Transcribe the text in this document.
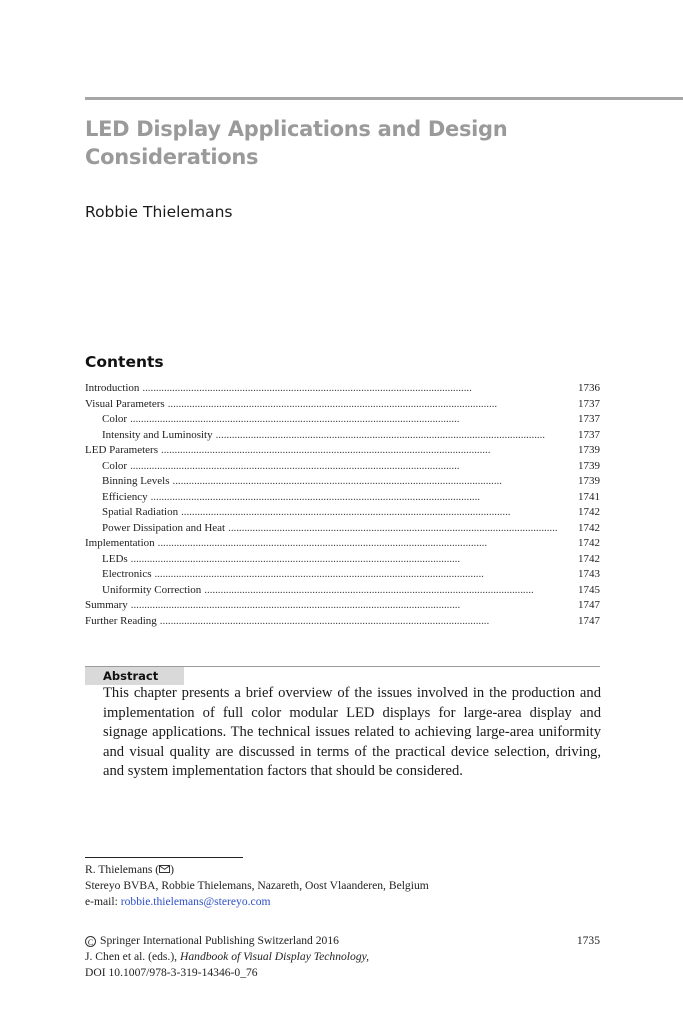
LED Display Applications and Design
Considerations
Robbie Thielemans
Contents
Introduction . . .	1736
Visual Parameters . . .	1737
Color . . .	1737
Intensity and Luminosity . . .	1737
LED Parameters . . .	1739
Color . . .	1739
Binning Levels . . .	1739
Efficiency . . .	1741
Spatial Radiation . . .	1742
Power Dissipation and Heat . . .	1742
Implementation . . .	1742
LEDs . . .	1742
Electronics . . .	1743
Uniformity Correction . . .	1745
Summary . . .	1747
Further Reading . . .	1747
Abstract

This chapter presents a brief overview of the issues involved in the production and implementation of full color modular LED displays for large-area display and signage applications. The technical issues related to achieving large-area uniformity and visual quality are discussed in terms of the practical device selection, driving, and system implementation factors that should be considered.

R. Thielemans ( )
Stereyo BVBA, Robbie Thielemans, Nazareth, Oost Vlaanderen, Belgium
e-mail: robbie.thielemans@stereyo.com
CSpringer International Publishing Switzerland 2016	1735
J. Chen et al. (eds.), Handbook of Visual Display Technology,
DOI 10.1007/978-3-319-14346-0_76
